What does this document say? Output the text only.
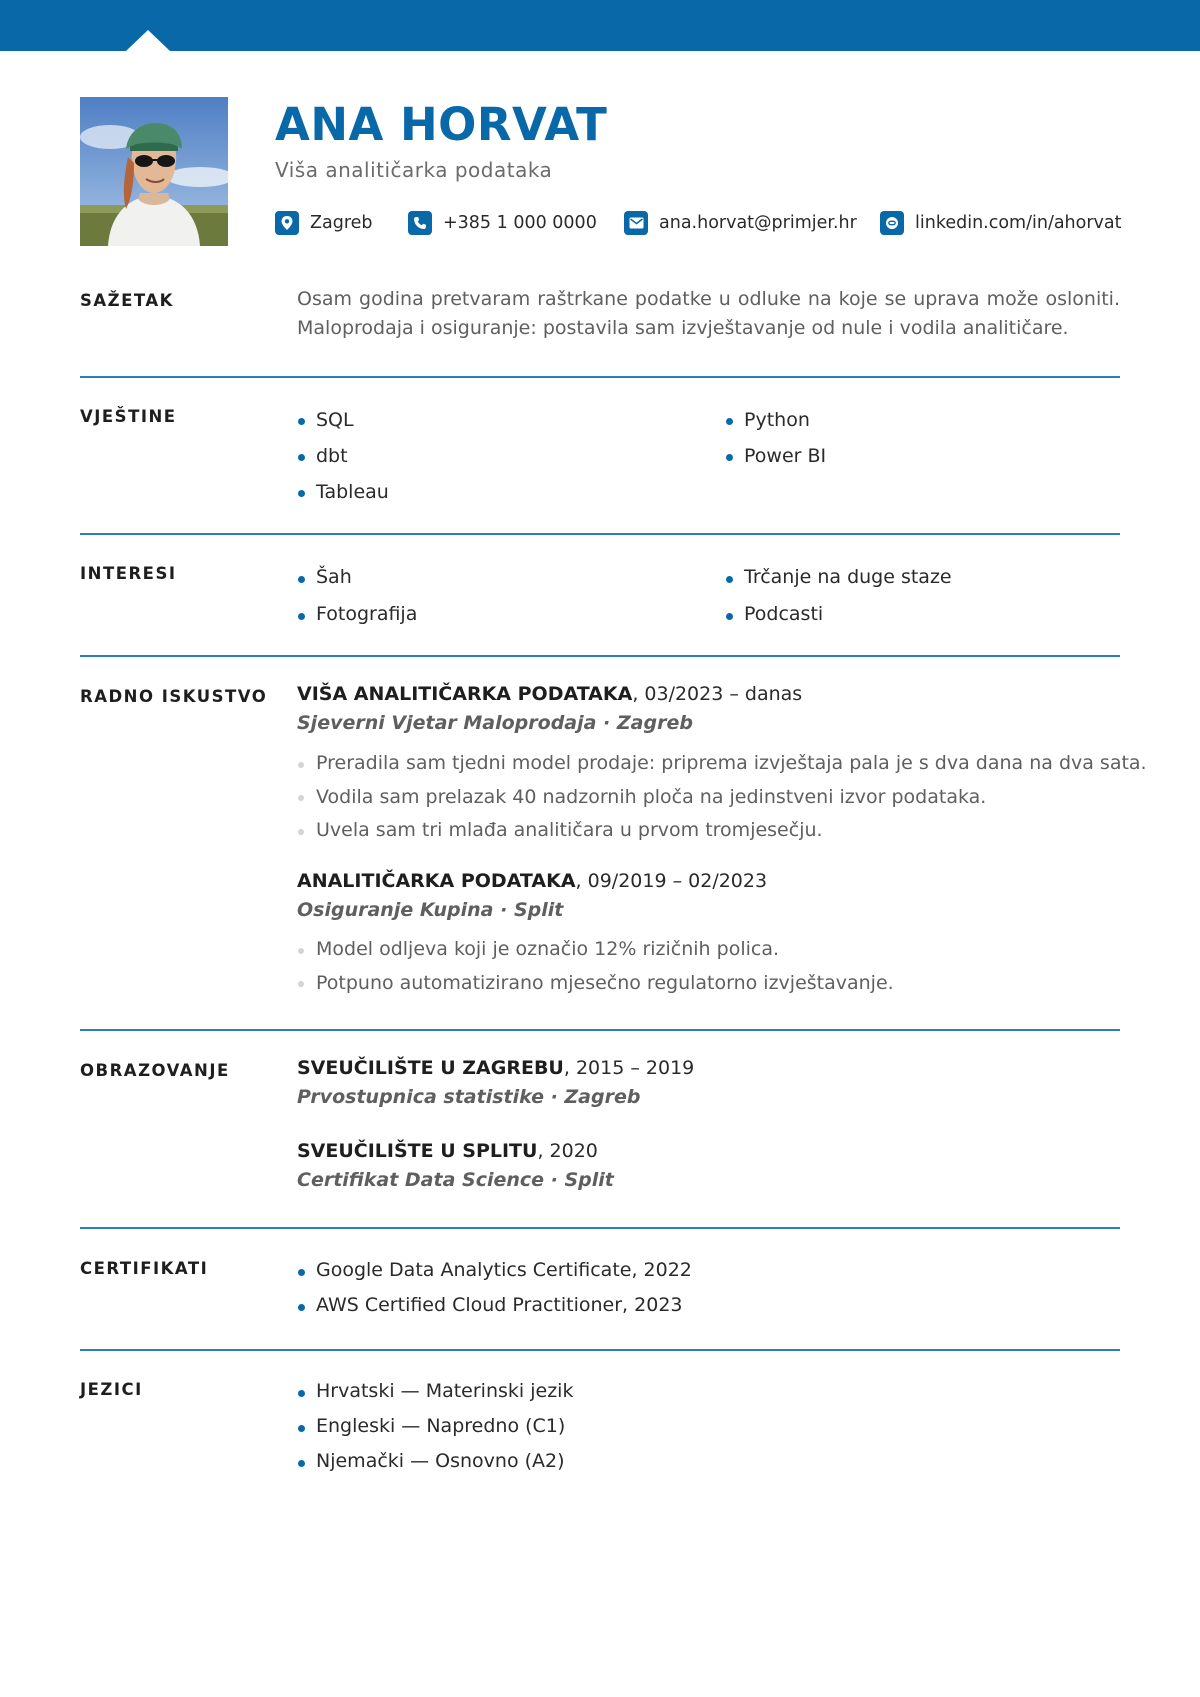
ANA HORVAT
Viša analitičarka podataka
Zagreb	+385 1 000 0000	ana.horvat@primjer.hr	linkedin.com/in/ahorvat
SAŽETAK	Osam godina pretvaram raštrkane podatke u odluke na koje se uprava može osloniti. Maloprodaja i osiguranje: postavila sam izvještavanje od nule i vodila analitičare.

VJEŠTINE	SQL
dbt
Tableau
Python
Power BI
INTERESI	Šah
Fotografija
Trčanje na duge staze
Podcasti
RADNO ISKUSTVO VIŠA ANALITIČARKA PODATAKA, 03/2023 – danas
Sjeverni Vjetar Maloprodaja · Zagreb
Preradila sam tjedni model prodaje: priprema izvještaja pala je s dva dana na dva sata.
Vodila sam prelazak 40 nadzornih ploča na jedinstveni izvor podataka.
Uvela sam tri mlađa analitičara u prvom tromjesečju.
ANALITIČARKA PODATAKA, 09/2019 – 02/2023
Osiguranje Kupina · Split
Model odljeva koji je označio 12% rizičnih polica.
Potpuno automatizirano mjesečno regulatorno izvještavanje.
OBRAZOVANJE	SVEUČILIŠTE U ZAGREBU, 2015 – 2019
Prvostupnica statistike · Zagreb
SVEUČILIŠTE U SPLITU, 2020
Certifikat Data Science · Split
CERTIFIKATI	Google Data Analytics Certificate, 2022
AWS Certified Cloud Practitioner, 2023
JEZICI	Hrvatski — Materinski jezik
Engleski — Napredno (C1)
Njemački — Osnovno (A2)
